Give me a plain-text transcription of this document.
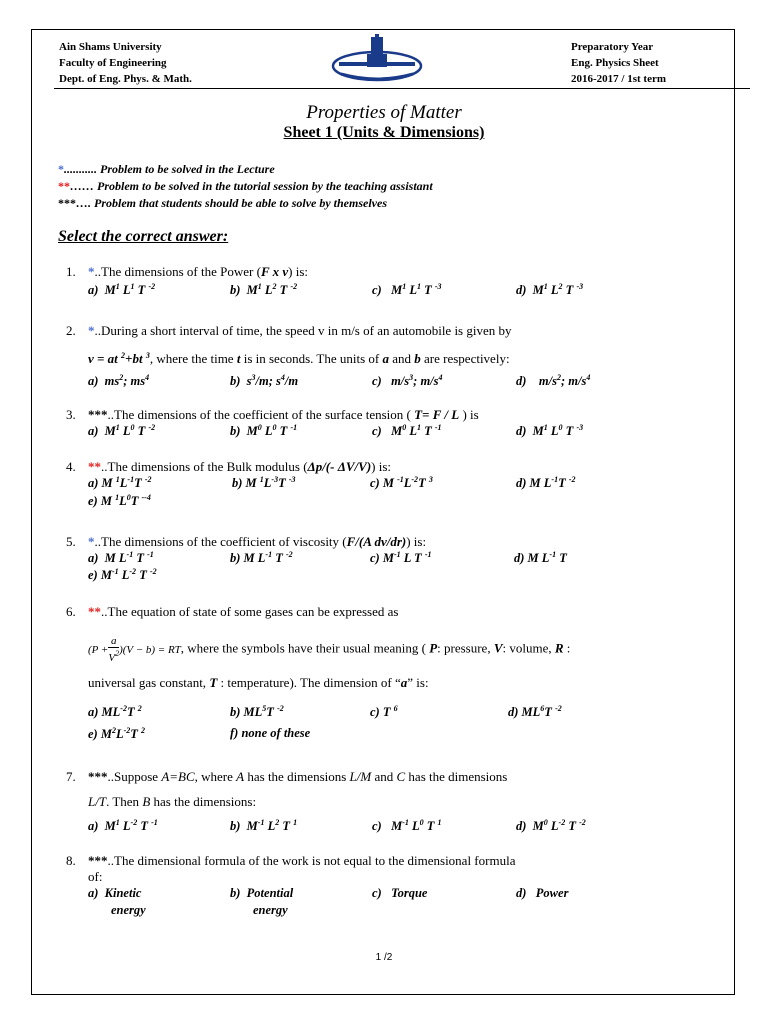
Ain Shams University
Faculty of Engineering
Dept. of Eng. Phys. & Math.
Preparatory Year
Eng. Physics Sheet
2016-2017 / 1st term
Properties of Matter
Sheet 1 (Units & Dimensions)
*........... Problem to be solved in the Lecture
**…… Problem to be solved in the tutorial session by the teaching assistant
***…. Problem that students should be able to solve by themselves
Select the correct answer:
1. *..The dimensions of the Power (F x v) is:
a)  $M^1$ $L^1$ T $^{-2}$	b)  $M^1$ $L^2$ T $^{-2}$	c)   $M^1$ $L^1$ T $^{-3}$	d)  $M^1$ $L^2$ T $^{-3}$
2. *..During a short interval of time, the speed v in m/s of an automobile is given by
v = at $^2$+bt $^3$, where the time t is in seconds. The units of a and b are respectively:
a)  $ms^2$; $ms^4$	b)  $s^3/m$; $s^4/m$	c)   $m/s^3$; $m/s^4$	d)    $m/s^2$; $m/s^4$
3. ***..The dimensions of the coefficient of the surface tension ( T= F / L ) is
a)  $M^1$ $L^0$ T $^{-2}$	b)  $M^0$ $L^0$ T $^{-1}$	c)   $M^0$ $L^1$ T $^{-1}$	d)  $M^1$ $L^0$ T $^{-3}$
4. **..The dimensions of the Bulk modulus (Δp/(- ΔV/V)) is:
a) M $^1L^{-1}T$ $^{-2}$	b) M $^1L^{-3}T$ $^{-3}$	c) M $^{-1}L^{-2}T$ $^3$	d) M $L^{-1}T$ $^{-2}$
e) M $^1L^0T$ $^{--4}$
5. *..The dimensions of the coefficient of viscosity (F/(A dv/dr)) is:
a)  M $L^{-1}$ T $^{-1}$	b) M $L^{-1}$ T $^{-2}$	c) $M^{-1}$ L T $^{-1}$	d) M $L^{-1}$ T
e) $M^{-1}$ $L^{-2}$ T $^{-2}$
6. **..The equation of state of some gases can be expressed as
$(P + \frac{a}{V^2} )(V - b)$ = RT, where the symbols have their usual meaning ( P: pressure, V: volume, R :
universal gas constant, T : temperature). The dimension of “a” is:
a) $ML^{-2}T$ $^2$	b) $ML^5T$ $^{-2}$	c) T $^6$	d) $ML^6T$ $^{-2}$
e) $M^2L^{-2}T$ $^2$	f) none of these
7. ***..Suppose A=BC, where A has the dimensions L/M and C has the dimensions
L/T. Then B has the dimensions:
a)  $M^1$ $L^{-2}$ T $^{-1}$	b)  $M^{-1}$ $L^2$ T $^1$	c)   $M^{-1}$ $L^0$ T $^1$	d)  $M^0$ $L^{-2}$ T $^{-2}$
8. ***..The dimensional formula of the work is not equal to the dimensional formula
of:
a) Kinetic
energy
b) Potential
energy
c) Torque	d) Power
1 /2
